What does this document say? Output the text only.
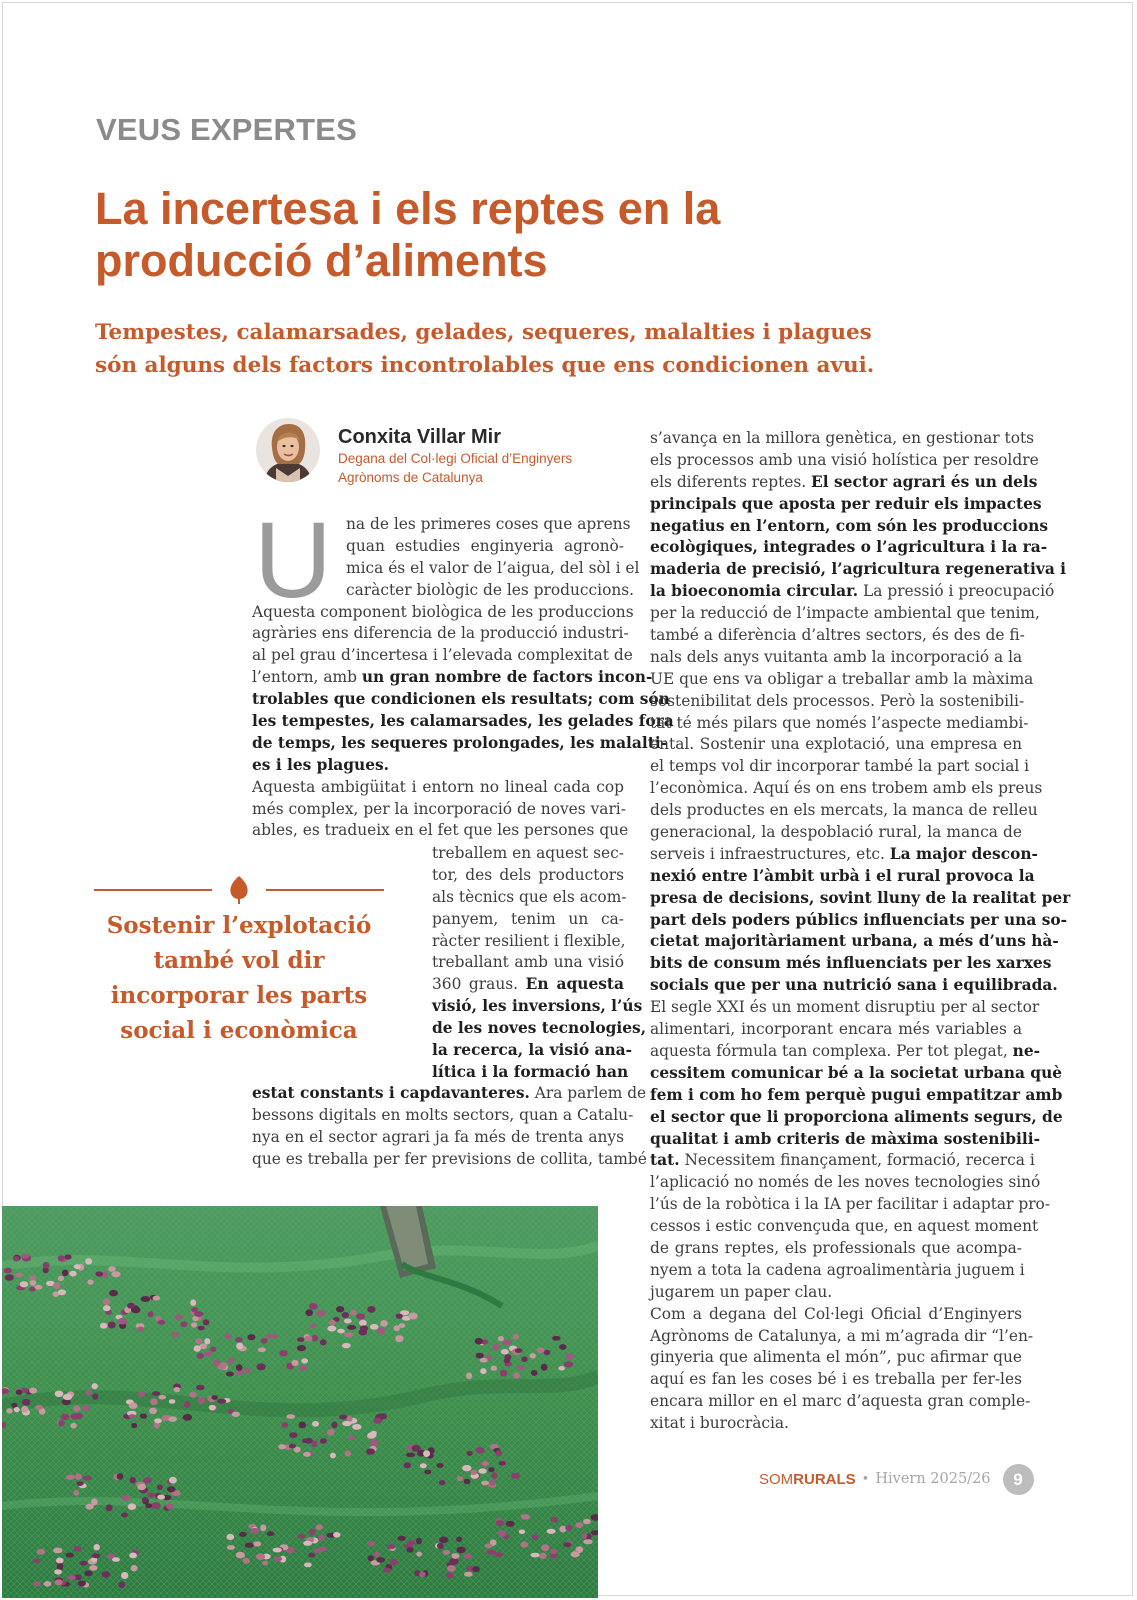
VEUS EXPERTES
La incertesa i els reptes en la
producció d’aliments

Tempestes, calamarsades, gelades, sequeres, malalties i plagues
són alguns dels factors incontrolables que ens condicionen avui.

Conxita Villar Mir
Degana del Col·legi Oficial d’Enginyers
Agrònoms de Catalunya
U na de les primeres coses que aprens
quan estudies enginyeria agronò-
mica és el valor de l’aigua, del sòl i el
caràcter biològic de les produccions.
Aquesta component biològica de les produccions
agràries ens diferencia de la producció industri-
al pel grau d’incertesa i l’elevada complexitat de
l’entorn, amb un gran nombre de factors incon-
trolables que condicionen els resultats; com són
les tempestes, les calamarsades, les gelades fora
de temps, les sequeres prolongades, les malalti-
es i les plagues.
Aquesta ambigüitat i entorn no lineal cada cop
més complex, per la incorporació de noves vari-
ables, es tradueix en el fet que les persones que
treballem en aquest sec-
tor, des dels productors
als tècnics que els acom-
panyem, tenim un ca-
ràcter resilient i flexible,
treballant amb una visió
360 graus. En aquesta
visió, les inversions, l’ús
de les noves tecnologies,
la recerca, la visió ana-
lítica i la formació han
estat constants i capdavanteres. Ara parlem de
bessons digitals en molts sectors, quan a Catalu-
nya en el sector agrari ja fa més de trenta anys
que es treballa per fer previsions de collita, també
s’avança en la millora genètica, en gestionar tots
els processos amb una visió holística per resoldre
els diferents reptes. El sector agrari és un dels
principals que aposta per reduir els impactes
negatius en l’entorn, com són les produccions
ecològiques, integrades o l’agricultura i la ra-
maderia de precisió, l’agricultura regenerativa i
la bioeconomia circular. La pressió i preocupació
per la reducció de l’impacte ambiental que tenim,
també a diferència d’altres sectors, és des de fi-
nals dels anys vuitanta amb la incorporació a la
UE que ens va obligar a treballar amb la màxima
sostenibilitat dels processos. Però la sostenibili-
tat té més pilars que només l’aspecte mediambi-
ental. Sostenir una explotació, una empresa en
el temps vol dir incorporar també la part social i
l’econòmica. Aquí és on ens trobem amb els preus
dels productes en els mercats, la manca de relleu
generacional, la despoblació rural, la manca de
serveis i infraestructures, etc. La major descon-
nexió entre l’àmbit urbà i el rural provoca la
presa de decisions, sovint lluny de la realitat per
part dels poders públics influenciats per una so-
cietat majoritàriament urbana, a més d’uns hà-
bits de consum més influenciats per les xarxes
socials que per una nutrició sana i equilibrada.
El segle XXI és un moment disruptiu per al sector
alimentari, incorporant encara més variables a
aquesta fórmula tan complexa. Per tot plegat, ne-
cessitem comunicar bé a la societat urbana què
fem i com ho fem perquè pugui empatitzar amb
el sector que li proporciona aliments segurs, de
qualitat i amb criteris de màxima sostenibili-
tat. Necessitem finançament, formació, recerca i
l’aplicació no només de les noves tecnologies sinó
l’ús de la robòtica i la IA per facilitar i adaptar pro-
cessos i estic convençuda que, en aquest moment
de grans reptes, els professionals que acompa-
nyem a tota la cadena agroalimentària juguem i
jugarem un paper clau.
Com a degana del Col·legi Oficial d’Enginyers
Agrònoms de Catalunya, a mi m’agrada dir “l’en-
ginyeria que alimenta el món”, puc afirmar que
aquí es fan les coses bé i es treballa per fer-les
encara millor en el marc d’aquesta gran comple-
xitat i burocràcia.
Sostenir l’explotació
també vol dir
incorporar les parts
social i econòmica
SOMRURALS • Hivern 2025/26	9
